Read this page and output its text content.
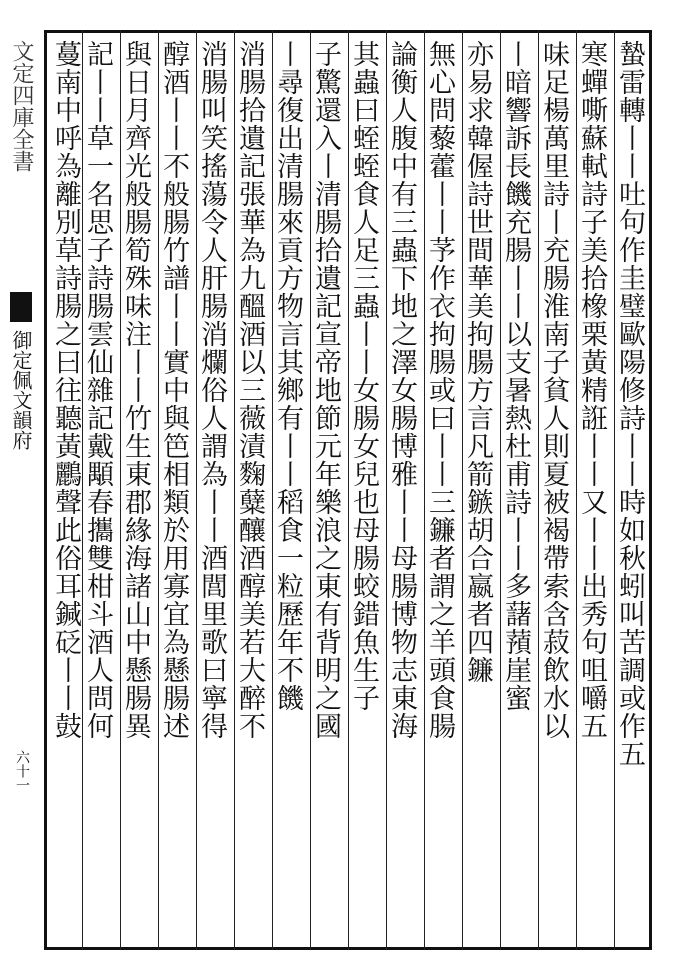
文定四庫全書
御定佩文韻府
六十一
蟄雷轉丨丨吐句作圭璧歐陽修詩丨丨時如秋蚓叫苦調或作五
寒蟬嘶蘇軾詩子美拾橡栗黃精誑丨丨又丨丨出秀句咀嚼五
味足楊萬里詩丨充腸淮南子貧人則夏被褐帶索含菽飲水以
丨暗響訴長饑充腸丨丨以支暑熱杜甫詩丨丨多藷蕷崖蜜
亦易求韓偓詩世間華美拘腸方言凡箭鏃胡合嬴者四鐮
無心問藜藿丨丨芧作衣拘腸或曰丨丨三鐮者謂之羊頭食腸
論衡人腹中有三蟲下地之澤女腸博雅丨丨母腸博物志東海
其蟲曰蛭蛭食人足三蟲丨丨女腸女兒也母腸蛟錯魚生子
子驚還入丨清腸拾遺記宣帝地節元年樂浪之東有背明之國
丨尋復出清腸來貢方物言其鄉有丨丨稻食一粒歷年不饑
消腸拾遺記張華為九醞酒以三薇漬麴糵釀酒醇美若大醉不
消腸叫笑搖蕩令人肝腸消爛俗人謂為丨丨酒閭里歌曰寧得
醇酒丨丨不般腸竹譜丨丨實中與笆相類於用寡宜為懸腸述
與日月齊光般腸筍殊味注丨丨竹生東郡緣海諸山中懸腸異
記丨丨草一名思子詩腸雲仙雜記戴顒春攜雙柑斗酒人問何
蔓南中呼為離別草詩腸之曰往聽黃鸝聲此俗耳鍼砭丨丨鼓
